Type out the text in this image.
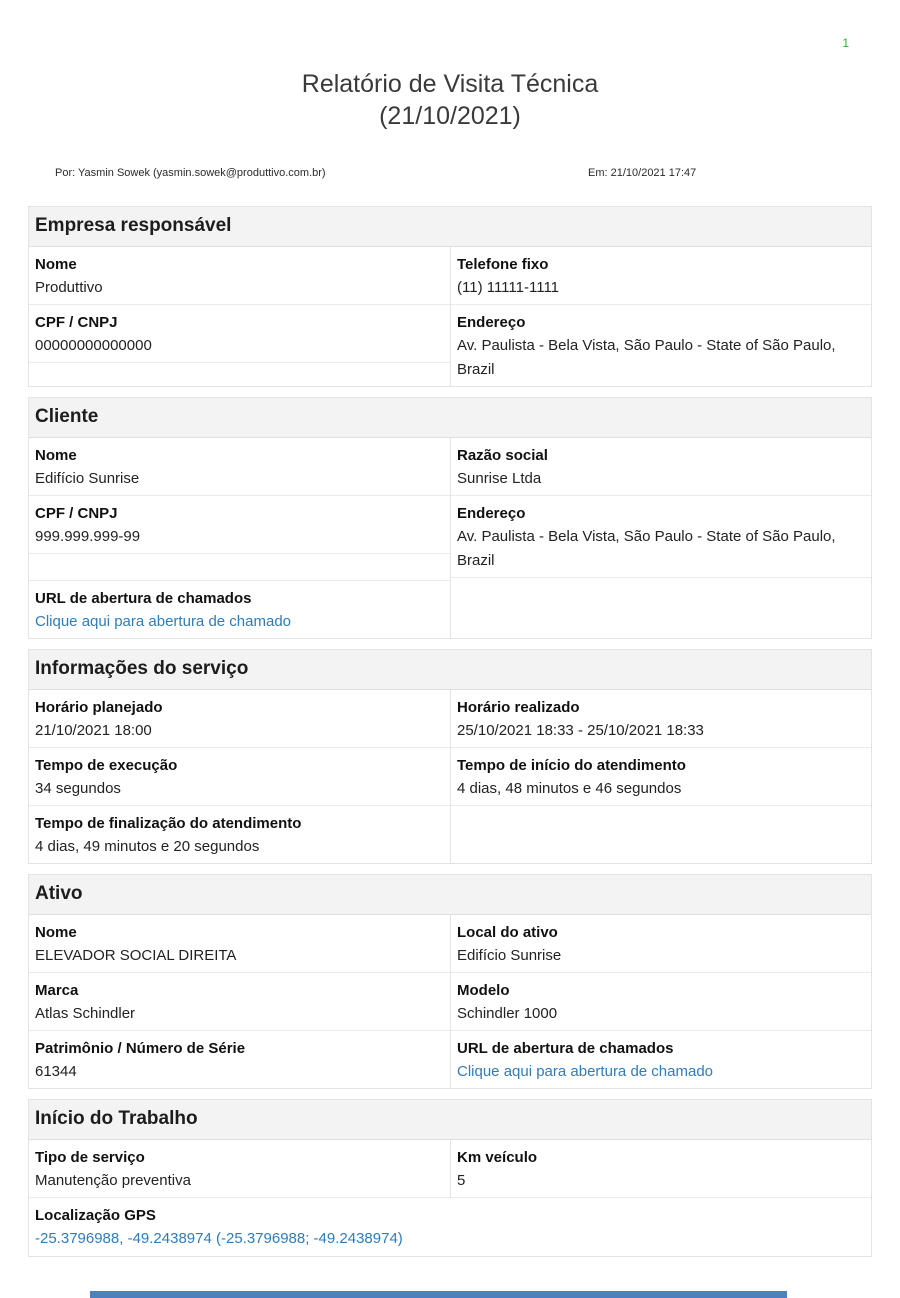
1
Relatório de Visita Técnica
(21/10/2021)
Por: Yasmin Sowek (yasmin.sowek@produttivo.com.br)	Em: 21/10/2021 17:47
Empresa responsável
Nome
Produttivo
CPF / CNPJ
00000000000000
Telefone fixo
(11) 11111-1111
Endereço
Av. Paulista - Bela Vista, São Paulo - State of São Paulo, Brazil
Cliente
Nome
Edifício Sunrise
CPF / CNPJ
999.999.999-99
URL de abertura de chamados
Clique aqui para abertura de chamado
Razão social
Sunrise Ltda
Endereço
Av. Paulista - Bela Vista, São Paulo - State of São Paulo, Brazil
Informações do serviço
Horário planejado
21/10/2021 18:00
Tempo de execução
34 segundos
Tempo de finalização do atendimento
4 dias, 49 minutos e 20 segundos
Horário realizado
25/10/2021 18:33 - 25/10/2021 18:33
Tempo de início do atendimento
4 dias, 48 minutos e 46 segundos
Ativo
Nome
ELEVADOR SOCIAL DIREITA
Marca
Atlas Schindler
Patrimônio / Número de Série
61344
Local do ativo
Edifício Sunrise
Modelo
Schindler 1000
URL de abertura de chamados
Clique aqui para abertura de chamado
Início do Trabalho
Tipo de serviço
Manutenção preventiva
Km veículo
5
Localização GPS
-25.3796988, -49.2438974 (-25.3796988; -49.2438974)
